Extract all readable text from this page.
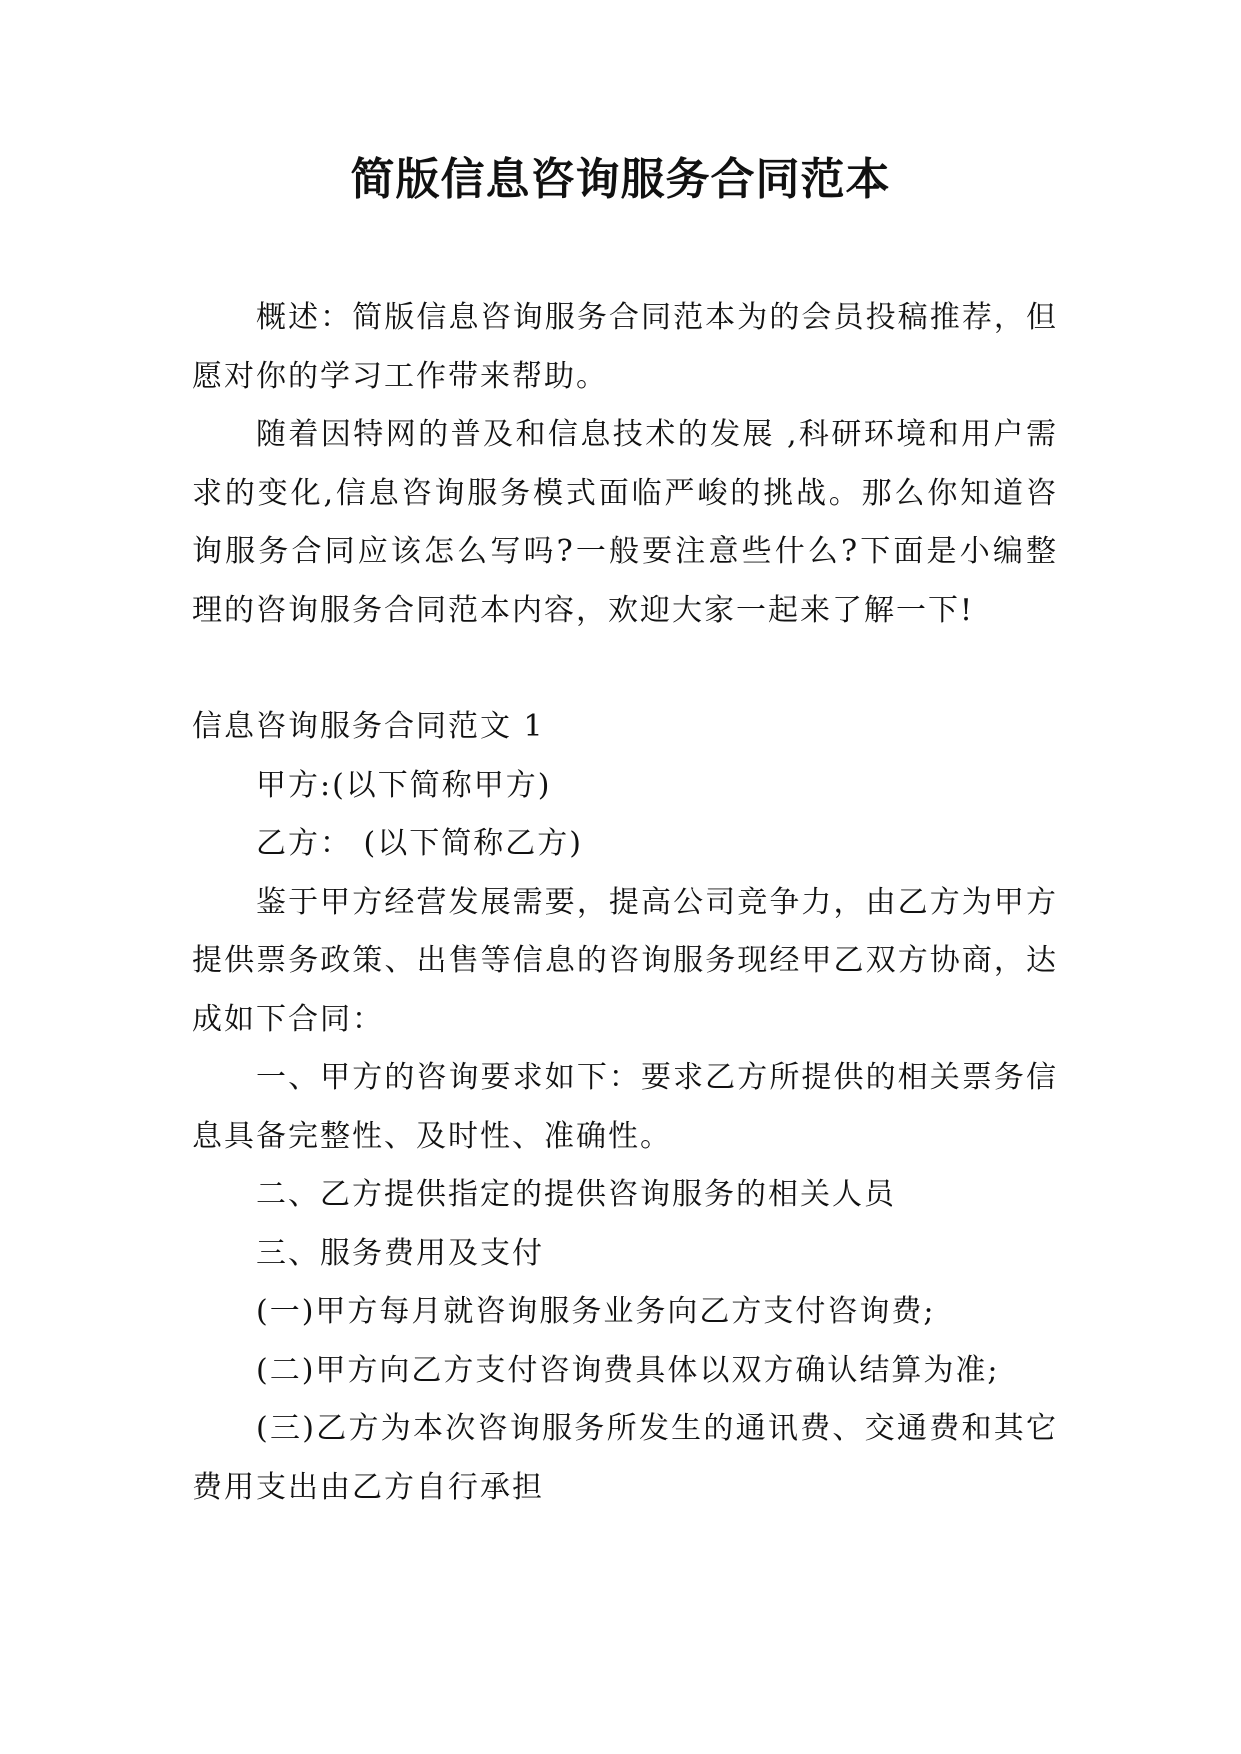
简版信息咨询服务合同范本

概述：简版信息咨询服务合同范本为的会员投稿推荐，但愿对你的学习工作带来帮助。

随着因特网的普及和信息技术的发展 ,科研环境和用户需求的变化,信息咨询服务模式面临严峻的挑战。那么你知道咨询服务合同应该怎么写吗?一般要注意些什么?下面是小编整理的咨询服务合同范本内容，欢迎大家一起来了解一下!

信息咨询服务合同范文 1

甲方:(以下简称甲方)

乙方： (以下简称乙方)

鉴于甲方经营发展需要，提高公司竞争力，由乙方为甲方提供票务政策、出售等信息的咨询服务现经甲乙双方协商，达成如下合同：

一、甲方的咨询要求如下：要求乙方所提供的相关票务信息具备完整性、及时性、准确性。

二、乙方提供指定的提供咨询服务的相关人员

三、服务费用及支付

(一)甲方每月就咨询服务业务向乙方支付咨询费;

(二)甲方向乙方支付咨询费具体以双方确认结算为准;

(三)乙方为本次咨询服务所发生的通讯费、交通费和其它费用支出由乙方自行承担
